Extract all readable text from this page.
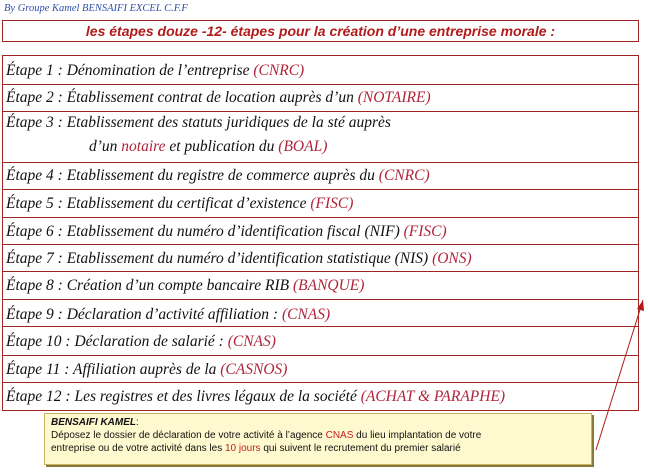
By Groupe Kamel BENSAIFI EXCEL C.F.F
les étapes douze -12- étapes pour la création d’une entreprise morale :
Étape 1 : Dénomination de l’entreprise (CNRC)
Étape 2 : Établissement contrat de location auprès d’un (NOTAIRE)
Étape 3 : Etablissement des statuts juridiques de la sté auprès
d’un notaire et publication du (BOAL)
Étape 4 : Etablissement du registre de commerce auprès du (CNRC)
Étape 5 : Etablissement du certificat d’existence (FISC)
Étape 6 : Etablissement du numéro d’identification fiscal (NIF) (FISC)
Étape 7 : Etablissement du numéro d’identification statistique (NIS) (ONS)
Étape 8 : Création d’un compte bancaire RIB (BANQUE)
Étape 9 : Déclaration d’activité affiliation : (CNAS)
Étape 10 : Déclaration de salarié : (CNAS)
Étape 11 : Affiliation auprès de la (CASNOS)
Étape 12 : Les registres et des livres légaux de la société (ACHAT & PARAPHE)
BENSAIFI KAMEL:
Déposez le dossier de déclaration de votre activité à l’agence CNAS du lieu implantation de votre
entreprise ou de votre activité dans les 10 jours qui suivent le recrutement du premier salarié
